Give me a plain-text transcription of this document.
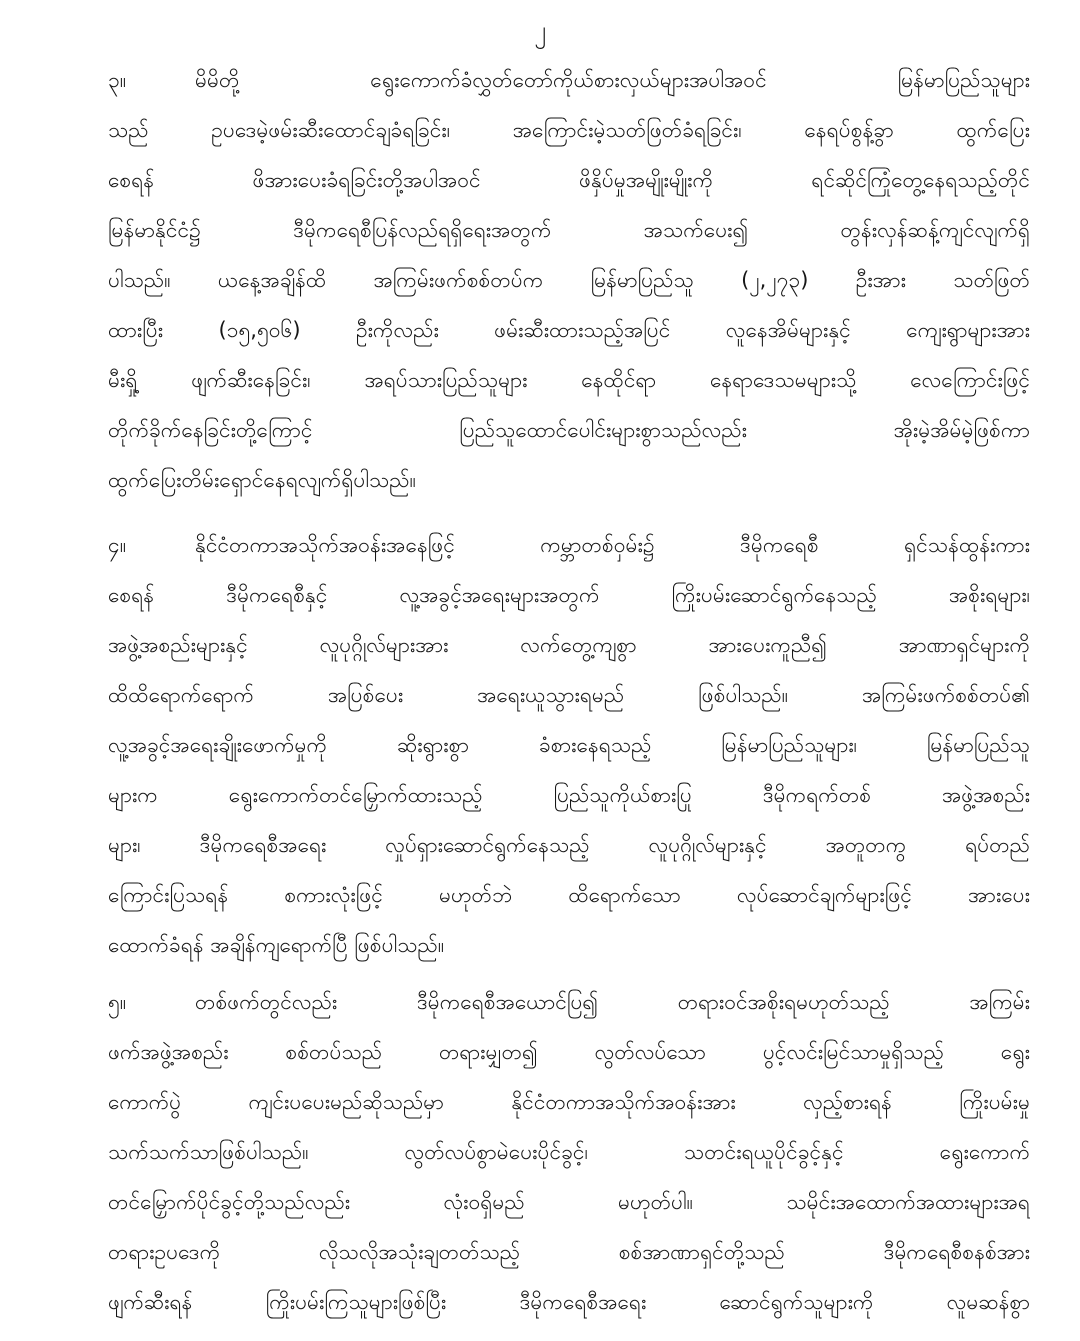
၂
၃။	မိမိတို့ ရွေးကောက်ခံလွှတ်တော်ကိုယ်စားလှယ်များအပါအဝင် မြန်မာပြည်သူများ
သည် ဥပဒေမဲ့ဖမ်းဆီးထောင်ချခံရခြင်း၊ အကြောင်းမဲ့သတ်ဖြတ်ခံရခြင်း၊ နေရပ်စွန့်ခွာ ထွက်ပြေး
စေရန် ဖိအားပေးခံရခြင်းတို့အပါအဝင် ဖိနှိပ်မှုအမျိုးမျိုးကို ရင်ဆိုင်ကြုံတွေ့နေရသည့်တိုင်
မြန်မာနိုင်ငံ၌ ဒီမိုကရေစီပြန်လည်ရရှိရေးအတွက် အသက်ပေး၍ တွန်းလှန်ဆန့်ကျင်လျက်ရှိ
ပါသည်။ ယနေ့အချိန်ထိ အကြမ်းဖက်စစ်တပ်က မြန်မာပြည်သူ (၂,၂၇၃) ဦးအား သတ်ဖြတ်
ထားပြီး (၁၅,၅၀၆) ဦးကိုလည်း ဖမ်းဆီးထားသည့်အပြင် လူနေအိမ်များနှင့် ကျေးရွာများအား
မီးရှို့ ဖျက်ဆီးနေခြင်း၊ အရပ်သားပြည်သူများ နေထိုင်ရာ နေရာဒေသမများသို့ လေကြောင်းဖြင့်
တိုက်ခိုက်နေခြင်းတို့ကြောင့် ပြည်သူထောင်ပေါင်းများစွာသည်လည်း အိုးမဲ့အိမ်မဲ့ဖြစ်ကာ
ထွက်ပြေးတိမ်းရှောင်နေရလျက်ရှိပါသည်။
၄။	နိုင်ငံတကာအသိုက်အဝန်းအနေဖြင့် ကမ္ဘာတစ်ဝှမ်း၌ ဒီမိုကရေစီ ရှင်သန်ထွန်းကား
စေရန် ဒီမိုကရေစီနှင့် လူ့အခွင့်အရေးများအတွက် ကြိုးပမ်းဆောင်ရွက်နေသည့် အစိုးရများ၊
အဖွဲ့အစည်းများနှင့် လူပုဂ္ဂိုလ်များအား လက်တွေ့ကျစွာ အားပေးကူညီ၍ အာဏာရှင်များကို
ထိထိရောက်ရောက် အပြစ်ပေး အရေးယူသွားရမည် ဖြစ်ပါသည်။ အကြမ်းဖက်စစ်တပ်၏
လူ့အခွင့်အရေးချိုးဖောက်မှုကို ဆိုးရွားစွာ ခံစားနေရသည့် မြန်မာပြည်သူများ၊ မြန်မာပြည်သူ
များက ရွေးကောက်တင်မြှောက်ထားသည့် ပြည်သူကိုယ်စားပြု ဒီမိုကရက်တစ် အဖွဲ့အစည်း
များ၊ ဒီမိုကရေစီအရေး လှုပ်ရှားဆောင်ရွက်နေသည့် လူပုဂ္ဂိုလ်များနှင့် အတူတကွ ရပ်တည်
ကြောင်းပြသရန် စကားလုံးဖြင့် မဟုတ်ဘဲ ထိရောက်သော လုပ်ဆောင်ချက်များဖြင့် အားပေး
ထောက်ခံရန် အချိန်ကျရောက်ပြီ ဖြစ်ပါသည်။
၅။	တစ်ဖက်တွင်လည်း ဒီမိုကရေစီအယောင်ပြ၍ တရားဝင်အစိုးရမဟုတ်သည့် အကြမ်း
ဖက်အဖွဲ့အစည်း စစ်တပ်သည် တရားမျှတ၍ လွတ်လပ်သော ပွင့်လင်းမြင်သာမှုရှိသည့် ရွေး
ကောက်ပွဲ ကျင်းပပေးမည်ဆိုသည်မှာ နိုင်ငံတကာအသိုက်အဝန်းအား လှည့်စားရန် ကြိုးပမ်းမှု
သက်သက်သာဖြစ်ပါသည်။ လွတ်လပ်စွာမဲပေးပိုင်ခွင့်၊ သတင်းရယူပိုင်ခွင့်နှင့် ရွေးကောက်
တင်မြှောက်ပိုင်ခွင့်တို့သည်လည်း လုံးဝရှိမည် မဟုတ်ပါ။ သမိုင်းအထောက်အထားများအရ
တရားဥပဒေကို လိုသလိုအသုံးချတတ်သည့် စစ်အာဏာရှင်တို့သည် ဒီမိုကရေစီစနစ်အား
ဖျက်ဆီးရန် ကြိုးပမ်းကြသူများဖြစ်ပြီး ဒီမိုကရေစီအရေး ဆောင်ရွက်သူများကို လူမဆန်စွာ
